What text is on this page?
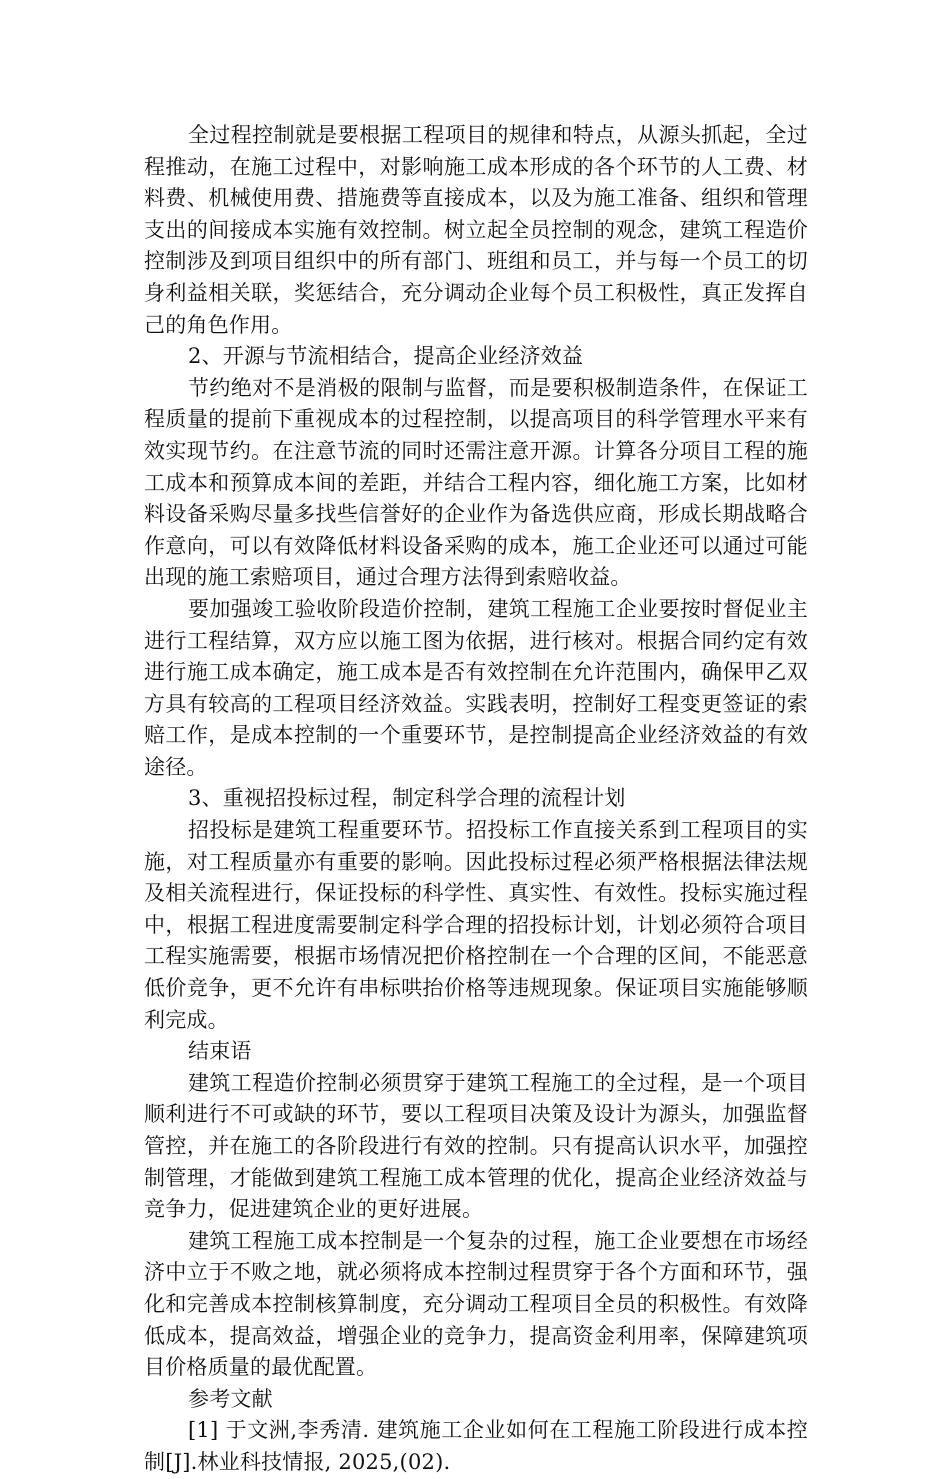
全过程控制就是要根据工程项目的规律和特点，从源头抓起，全过程推动，在施工过程中，对影响施工成本形成的各个环节的人工费、材料费、机械使用费、措施费等直接成本，以及为施工准备、组织和管理支出的间接成本实施有效控制。树立起全员控制的观念，建筑工程造价控制涉及到项目组织中的所有部门、班组和员工，并与每一个员工的切身利益相关联，奖惩结合，充分调动企业每个员工积极性，真正发挥自己的角色作用。

2、开源与节流相结合，提高企业经济效益

节约绝对不是消极的限制与监督，而是要积极制造条件，在保证工程质量的提前下重视成本的过程控制，以提高项目的科学管理水平来有效实现节约。在注意节流的同时还需注意开源。计算各分项目工程的施工成本和预算成本间的差距，并结合工程内容，细化施工方案，比如材料设备采购尽量多找些信誉好的企业作为备选供应商，形成长期战略合作意向，可以有效降低材料设备采购的成本，施工企业还可以通过可能出现的施工索赔项目，通过合理方法得到索赔收益。

要加强竣工验收阶段造价控制，建筑工程施工企业要按时督促业主进行工程结算，双方应以施工图为依据，进行核对。根据合同约定有效进行施工成本确定，施工成本是否有效控制在允许范围内，确保甲乙双方具有较高的工程项目经济效益。实践表明，控制好工程变更签证的索赔工作，是成本控制的一个重要环节，是控制提高企业经济效益的有效途径。

3、重视招投标过程，制定科学合理的流程计划

招投标是建筑工程重要环节。招投标工作直接关系到工程项目的实施，对工程质量亦有重要的影响。因此投标过程必须严格根据法律法规及相关流程进行，保证投标的科学性、真实性、有效性。投标实施过程中，根据工程进度需要制定科学合理的招投标计划，计划必须符合项目工程实施需要，根据市场情况把价格控制在一个合理的区间，不能恶意低价竞争，更不允许有串标哄抬价格等违规现象。保证项目实施能够顺利完成。

结束语

建筑工程造价控制必须贯穿于建筑工程施工的全过程，是一个项目顺利进行不可或缺的环节，要以工程项目决策及设计为源头，加强监督管控，并在施工的各阶段进行有效的控制。只有提高认识水平，加强控制管理，才能做到建筑工程施工成本管理的优化，提高企业经济效益与竞争力，促进建筑企业的更好进展。

建筑工程施工成本控制是一个复杂的过程，施工企业要想在市场经济中立于不败之地，就必须将成本控制过程贯穿于各个方面和环节，强化和完善成本控制核算制度，充分调动工程项目全员的积极性。有效降低成本，提高效益，增强企业的竞争力，提高资金利用率，保障建筑项目价格质量的最优配置。

参考文献

[1] 于文洲,李秀清. 建筑施工企业如何在工程施工阶段进行成本控制[J].林业科技情报, 2025,(02).
